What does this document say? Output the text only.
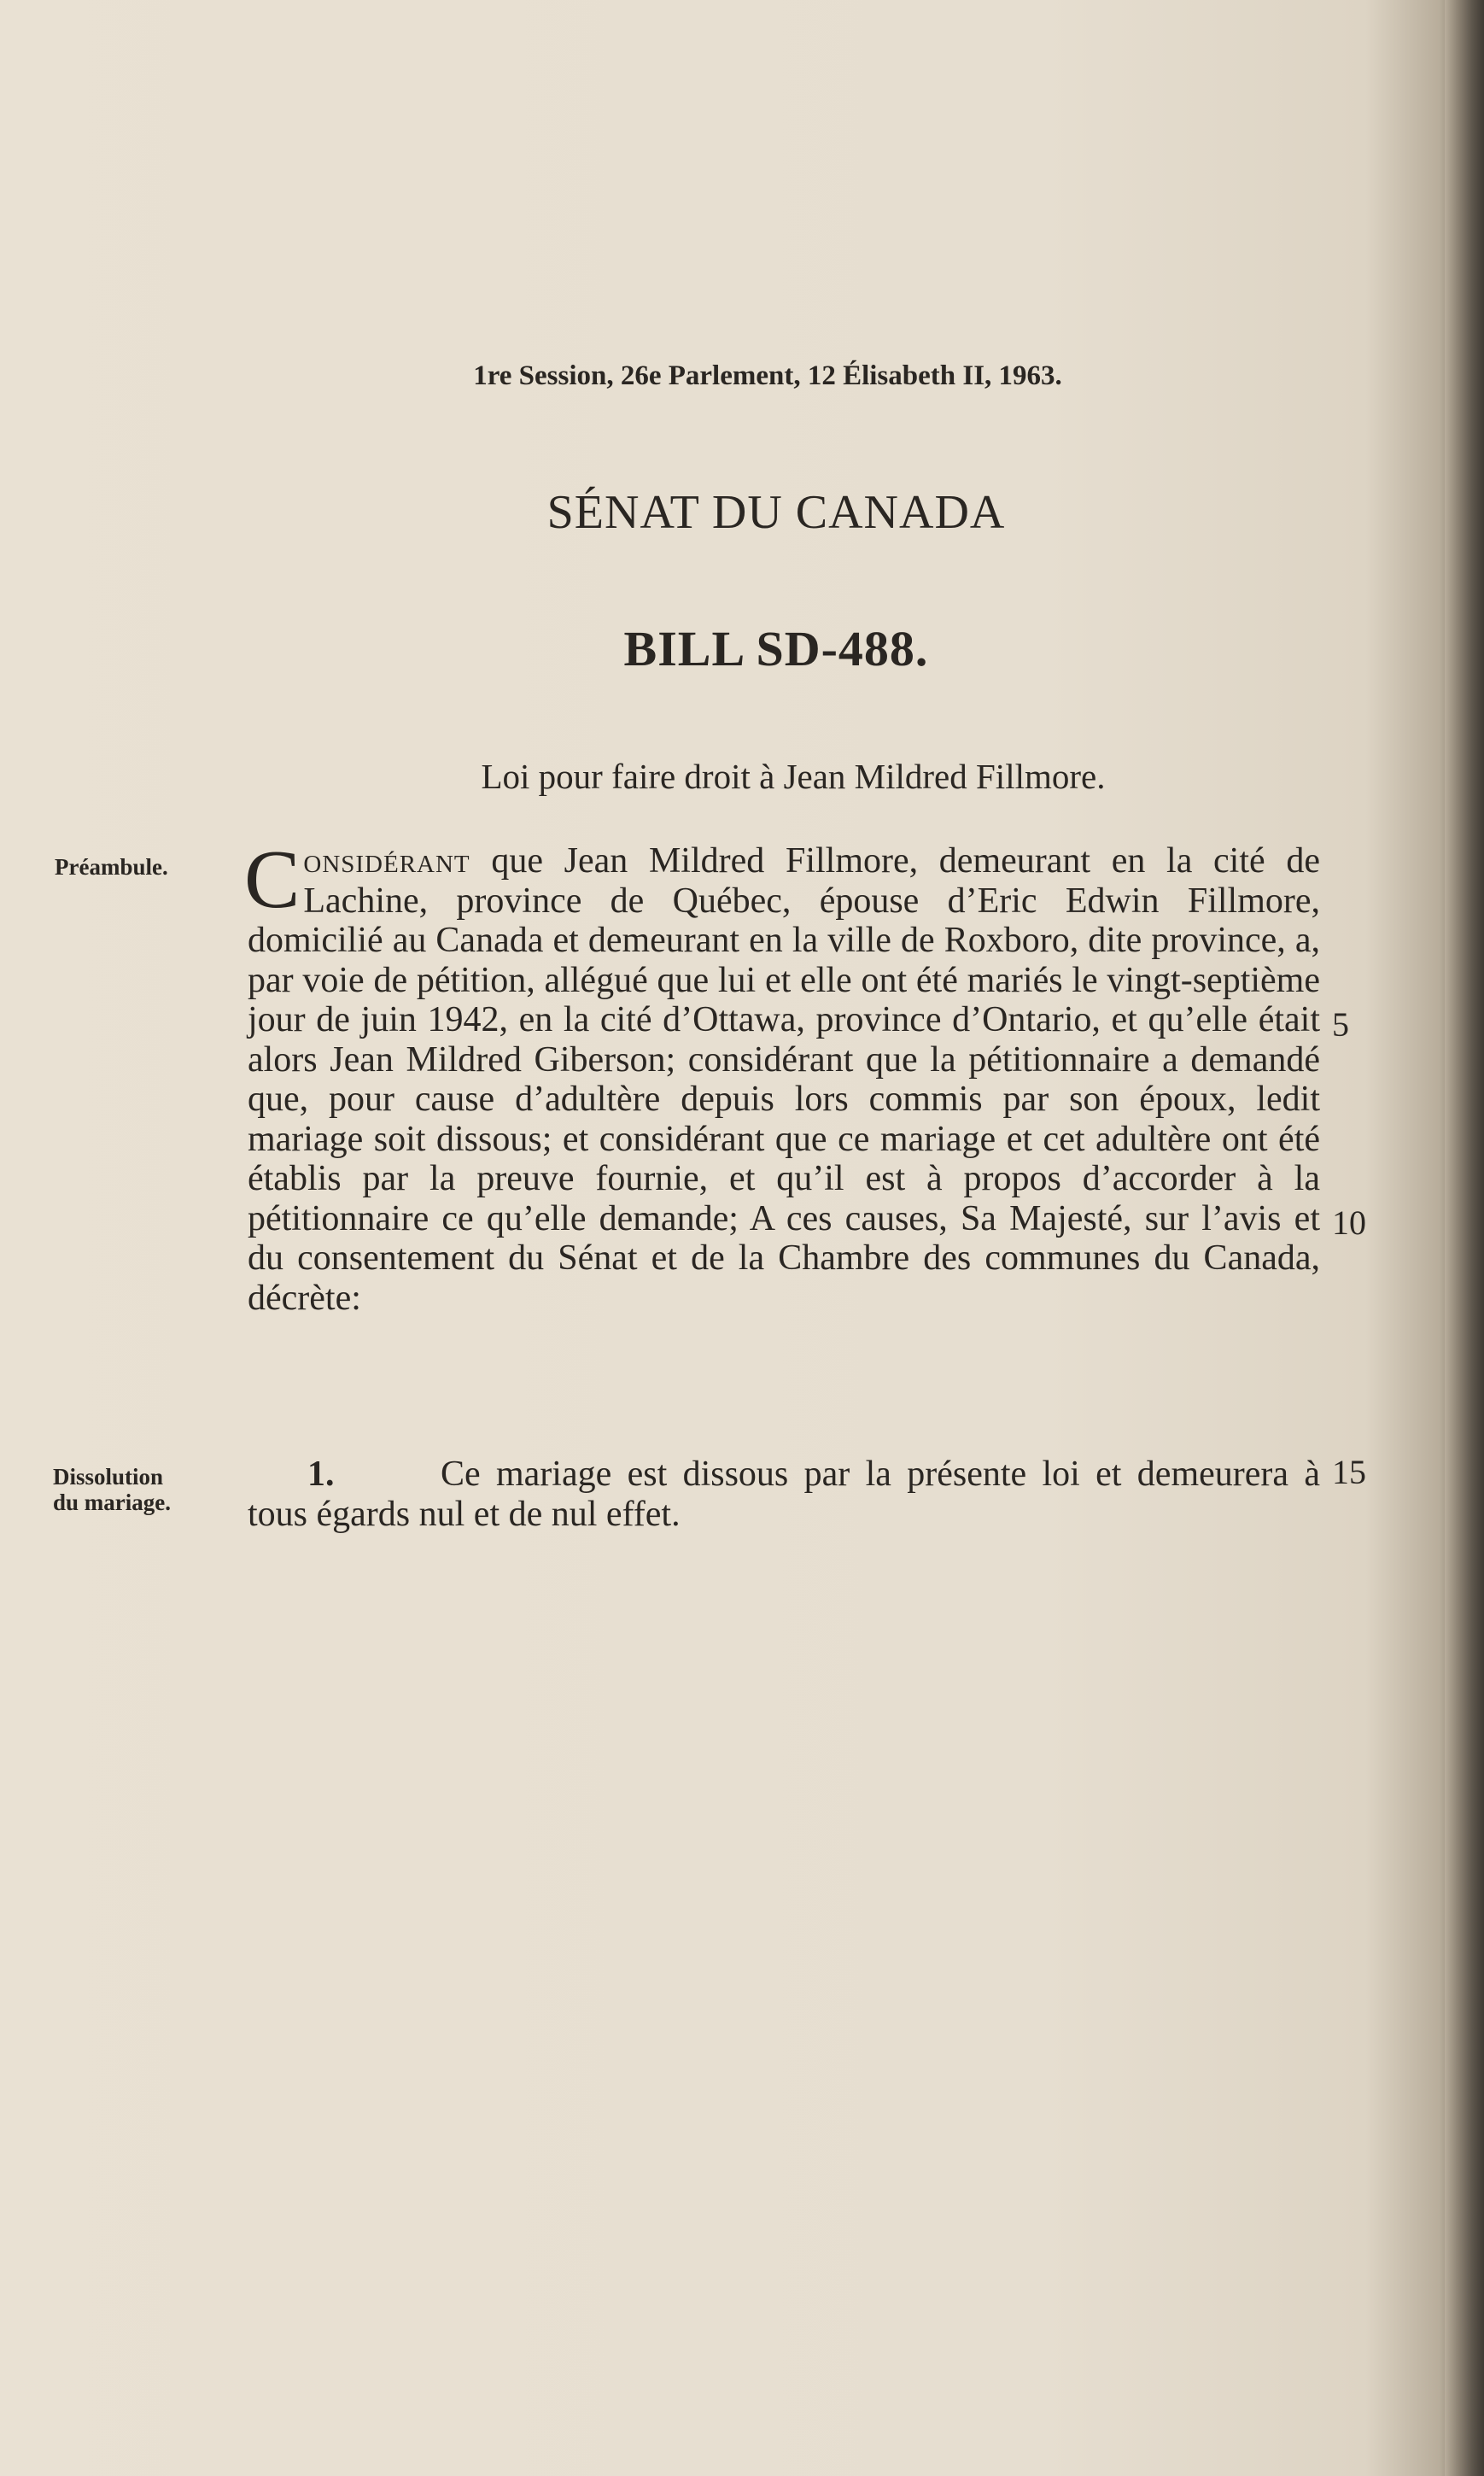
1re Session, 26e Parlement, 12 Élisabeth II, 1963.
SÉNAT DU CANADA
BILL SD-488.
Loi pour faire droit à Jean Mildred Fillmore.
Préambule. Considérant que Jean Mildred Fillmore, demeurant en la cité de Lachine, province de Québec, épouse d’Eric Edwin Fillmore, domicilié au Canada et demeurant en la ville de Roxboro, dite province, a, par voie de pétition, allégué que lui et elle ont été mariés le vingt-septième jour de juin 1942, en la cité d’Ottawa, province d’Ontario, et qu’elle était alors Jean Mildred Giberson; considérant que la pétitionnaire a demandé que, pour cause d’adultère depuis lors commis par son époux, ledit mariage soit dissous; et considérant que ce mariage et cet adultère ont été établis par la preuve fournie, et qu’il est à propos d’accorder à la pétitionnaire ce qu’elle demande; A ces causes, Sa Majesté, sur l’avis et du consentement du Sénat et de la Chambre des communes du Canada, décrète:
5
10
15
Dissolution
du mariage.
1.	Ce mariage est dissous par la présente loi et demeurera à tous égards nul et de nul effet.
